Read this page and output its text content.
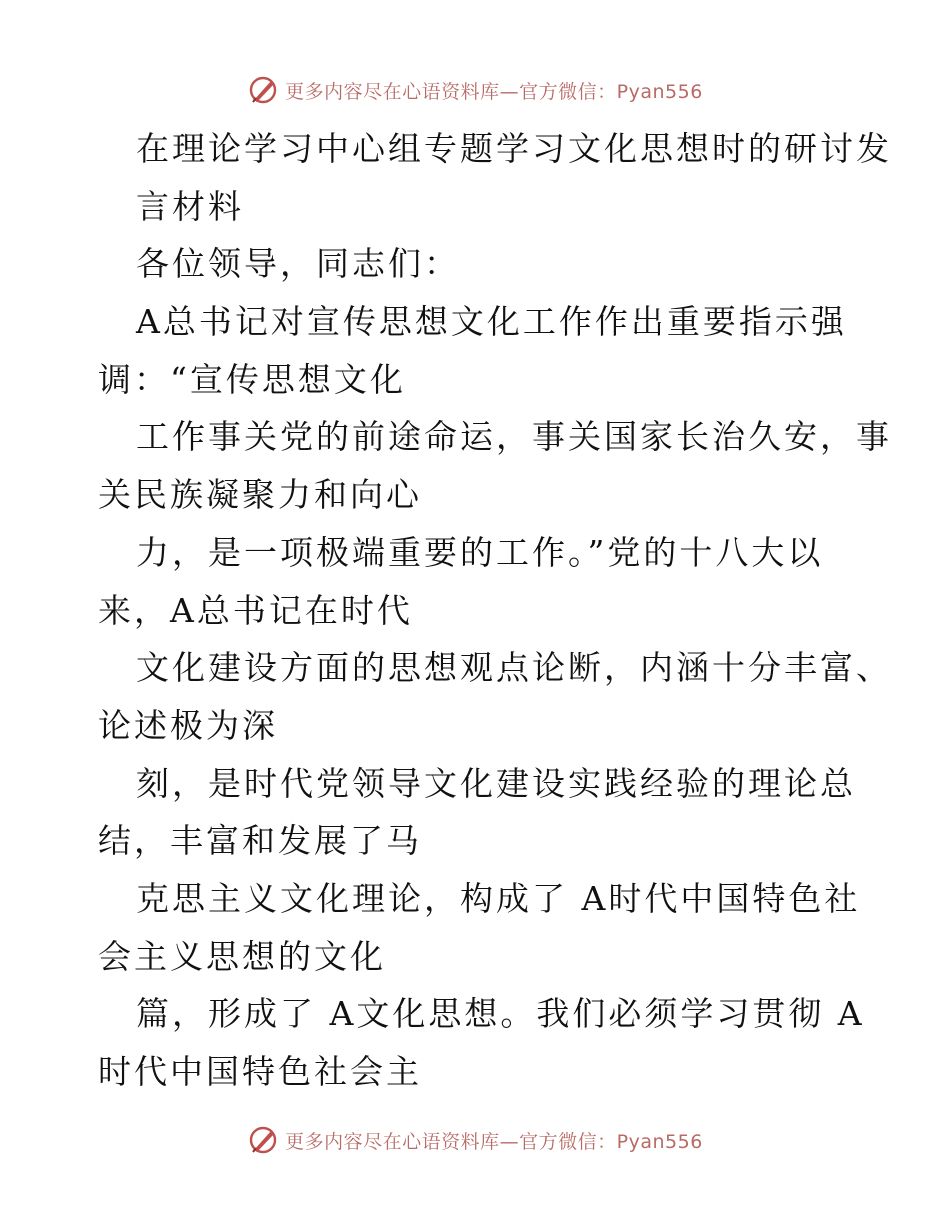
更多内容尽在心语资料库—官方微信：Pyan556
在理论学习中心组专题学习文化思想时的研讨发
言材料
各位领导，同志们：
A总书记对宣传思想文化工作作出重要指示强
调：“宣传思想文化
工作事关党的前途命运，事关国家长治久安，事
关民族凝聚力和向心
力，是一项极端重要的工作。”党的十八大以
来，A总书记在时代
文化建设方面的思想观点论断，内涵十分丰富、
论述极为深
刻，是时代党领导文化建设实践经验的理论总
结，丰富和发展了马
克思主义文化理论，构成了 A时代中国特色社
会主义思想的文化
篇，形成了 A文化思想。我们必须学习贯彻 A
时代中国特色社会主
更多内容尽在心语资料库—官方微信：Pyan556
